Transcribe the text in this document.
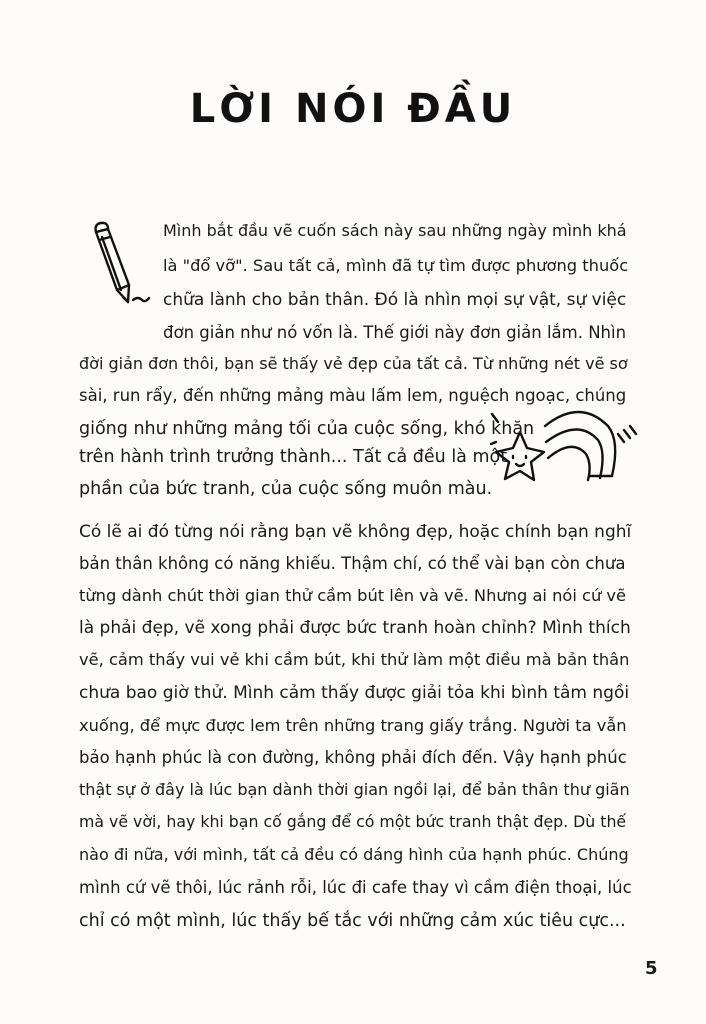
LỜI NÓI ĐẦU
Mình bắt đầu vẽ cuốn sách này sau những ngày mình khá
là "đổ vỡ". Sau tất cả, mình đã tự tìm được phương thuốc
chữa lành cho bản thân. Đó là nhìn mọi sự vật, sự việc
đơn giản như nó vốn là. Thế giới này đơn giản lắm. Nhìn
đời giản đơn thôi, bạn sẽ thấy vẻ đẹp của tất cả. Từ những nét vẽ sơ
sài, run rẩy, đến những mảng màu lấm lem, nguệch ngoạc, chúng
giống như những mảng tối của cuộc sống, khó khăn
trên hành trình trưởng thành... Tất cả đều là một
phần của bức tranh, của cuộc sống muôn màu.
Có lẽ ai đó từng nói rằng bạn vẽ không đẹp, hoặc chính bạn nghĩ
bản thân không có năng khiếu. Thậm chí, có thể vài bạn còn chưa
từng dành chút thời gian thử cầm bút lên và vẽ. Nhưng ai nói cứ vẽ
là phải đẹp, vẽ xong phải được bức tranh hoàn chỉnh? Mình thích
vẽ, cảm thấy vui vẻ khi cầm bút, khi thử làm một điều mà bản thân
chưa bao giờ thử. Mình cảm thấy được giải tỏa khi bình tâm ngồi
xuống, để mực được lem trên những trang giấy trắng. Người ta vẫn
bảo hạnh phúc là con đường, không phải đích đến. Vậy hạnh phúc
thật sự ở đây là lúc bạn dành thời gian ngồi lại, để bản thân thư giãn
mà vẽ vời, hay khi bạn cố gắng để có một bức tranh thật đẹp. Dù thế
nào đi nữa, với mình, tất cả đều có dáng hình của hạnh phúc. Chúng
mình cứ vẽ thôi, lúc rảnh rỗi, lúc đi cafe thay vì cầm điện thoại, lúc
chỉ có một mình, lúc thấy bế tắc với những cảm xúc tiêu cực...
5
